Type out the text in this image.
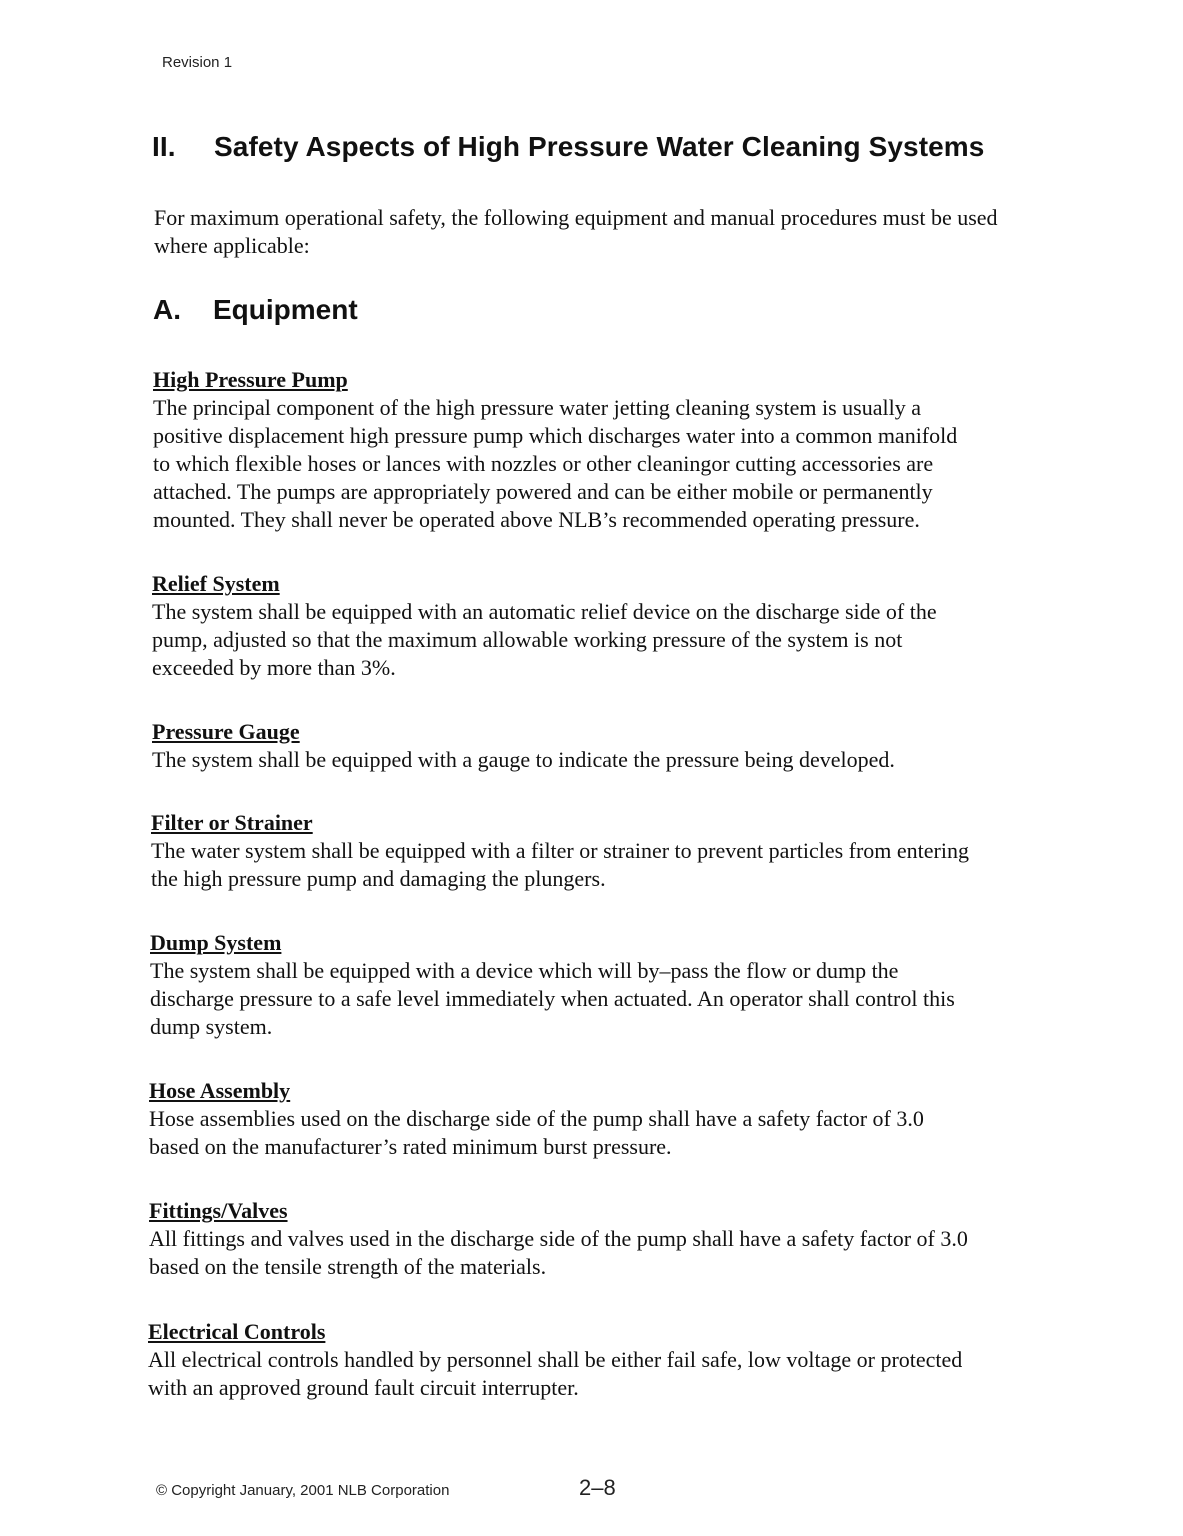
Revision 1
II. Safety Aspects of High Pressure Water Cleaning Systems
For maximum operational safety, the following equipment and manual procedures must be used where applicable:
A. Equipment
High Pressure Pump
The principal component of the high pressure water jetting cleaning system is usually a
positive displacement high pressure pump which discharges water into a common manifold
to which flexible hoses or lances with nozzles or other cleaningor cutting accessories are
attached. The pumps are appropriately powered and can be either mobile or permanently
mounted. They shall never be operated above NLB’s recommended operating pressure.
Relief System
The system shall be equipped with an automatic relief device on the discharge side of the
pump, adjusted so that the maximum allowable working pressure of the system is not
exceeded by more than 3%.
Pressure Gauge
The system shall be equipped with a gauge to indicate the pressure being developed.
Filter or Strainer
The water system shall be equipped with a filter or strainer to prevent particles from entering
the high pressure pump and damaging the plungers.
Dump System
The system shall be equipped with a device which will by–pass the flow or dump the
discharge pressure to a safe level immediately when actuated. An operator shall control this
dump system.
Hose Assembly
Hose assemblies used on the discharge side of the pump shall have a safety factor of 3.0
based on the manufacturer’s rated minimum burst pressure.
Fittings/Valves
All fittings and valves used in the discharge side of the pump shall have a safety factor of 3.0
based on the tensile strength of the materials.
Electrical Controls
All electrical controls handled by personnel shall be either fail safe, low voltage or protected
with an approved ground fault circuit interrupter.
© Copyright January, 2001 NLB Corporation	2–8
